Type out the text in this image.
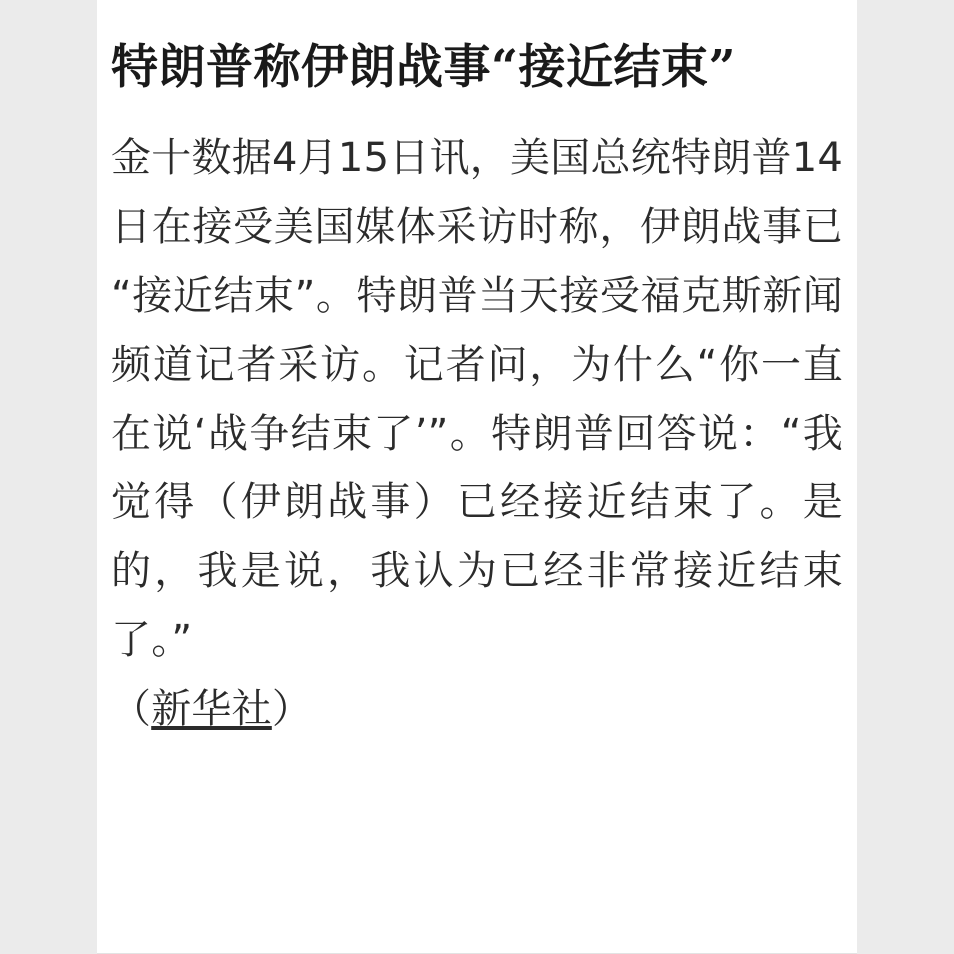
特朗普称伊朗战事“接近结束”

金十数据4月15日讯，美国总统特朗普14日在接受美国媒体采访时称，伊朗战事已“接近结束”。特朗普当天接受福克斯新闻频道记者采访。记者问，为什么“你一直在说‘战争结束了’”。特朗普回答说：“我觉得（伊朗战事）已经接近结束了。是的，我是说，我认为已经非常接近结束了。”

（新华社）
